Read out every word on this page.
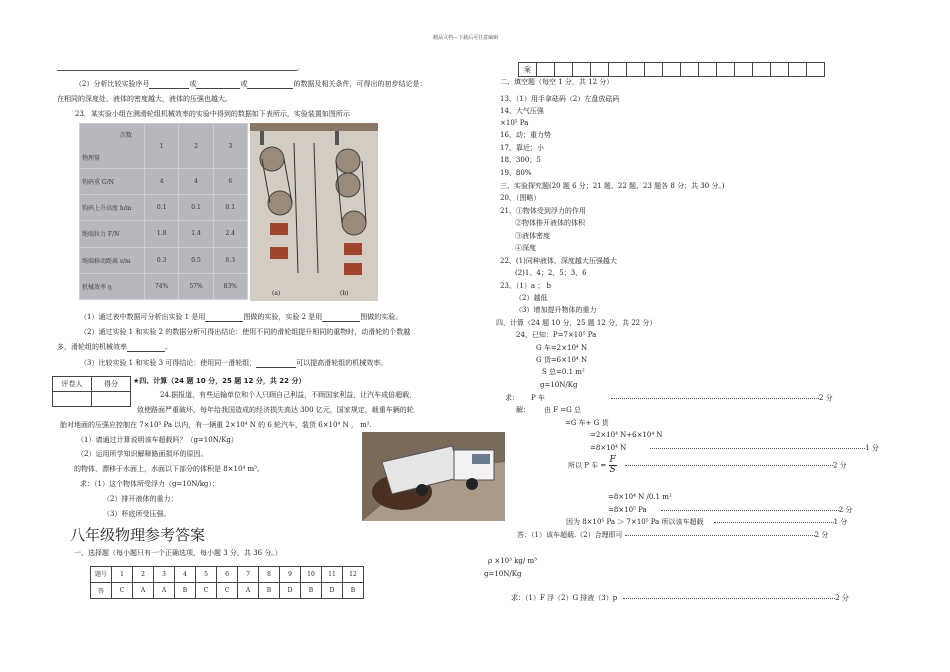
精品文档---下载后可任意编辑
。
（2）分析比较实验序号	或	或	的数据及相关条件，可得出的初步结论是：
在相同的深度处，液体的密度越大，液体的压强也越大。
23．某实验小组在测滑轮组机械效率的实验中得到的数据如下表所示，实验装置如图所示
次数
物理量	1	2	3
钩码重 G/N	4	4	6
钩码上升高度 h/m	0.1	0.1	0.1
绳端拉力 F/N	1.8	1.4	2.4
绳端移动距离 s/m	0.3	0.5	0.3
机械效率 η	74%	57%	83%
(a)	(b)
（1）通过表中数据可分析出实验 1 是用	图做的实验，实验 2 是用	图做的实验。
（2）通过实验 1 和实验 2 的数据分析可得出结论：使用不同的滑轮组提升相同的重物时，动滑轮的个数越
多，滑轮组的机械效率	。
（3）比较实验 1 和实验 3 可得结论：使用同一滑轮组，	可以提高滑轮组的机械效率。
评卷人	得分
	★四、计算（24 题 10 分，25 题 12 分，共 22 分）
24.据报道，有些运输单位和个人只顾自己利益，不顾国家利益，让汽车成倍超载，
致使路面严重破坏，每年给我国造成的经济损失高达 300 亿元，国家规定，载重车辆的轮
胎对地面的压强应控制在 7×10⁵ Pa 以内，有一辆重 2×10⁴ N 的 6 轮汽车，装货 6×10⁴ N ， m².
（1）请通过计算说明该车超载吗？（g=10N/Kg）
（2）运用所学知识解释路面损坏的原因。
的物体，漂移于水面上，水面以下部分的体积是 8×10⁴ m³。
求：（1）这个物体所受浮力（g=10N/kg）；
（2）排开液体的重力；
（3）杯底所受压强。
八年级物理参考答案
一、选择题（每小题只有一个正确选项，每小题 3 分，共 36 分。）
题号	1	2	3	4	5	6	7	8	9	10	11	12
答	C	A	A	B	C	C	A	B	D	B	D	B
案																
二、填空题（每空 1 分，共 12 分）
13、（1）用手拿砝码（2）左盘放砝码
14、大气压强
×10⁵ Pa
16、动；重力势
17、靠近；小
18、300；5
19、80%
三、实验探究题(20 题 6 分；21 题、22 题、23 题各 8 分；共 30 分。)
20、（图略）
21、①物体受到浮力的作用
②物体排开液体的体积
③液体密度
④深度
22、(1)同种液体，深度越大压强越大
(2)1、4；2、5；3、6
23、（1）a ； b
（2）越低
（3）增加提升物体的重力
四，计算（24 题 10 分，25 题 12 分，共 22 分）
24、已知：P=7×10⁵ Pa
G 车=2×10⁴ N
G 货=6×10⁴ N
S 总=0.1 m²
g=10N/Kg
求： P 车	2 分
解： 由 F =G 总
=G 车+ G 货
=2×10⁴ N+6×10⁴ N
=8×10⁴ N	1 分
所以 P 车 = $\frac{F}{S}$	2 分
=8×10⁴ N /0.1 m²
=8×10⁵ Pa	2 分
因为 8×10⁵ Pa ＞ 7×10⁵ Pa 所以该车超载	1 分
答：（1）该车超载.（2）合理即可	2 分
ρ ×10³ kg/ m³
g=10N/Kg
求：（1）F 浮（2）G 排液（3）p	2 分
